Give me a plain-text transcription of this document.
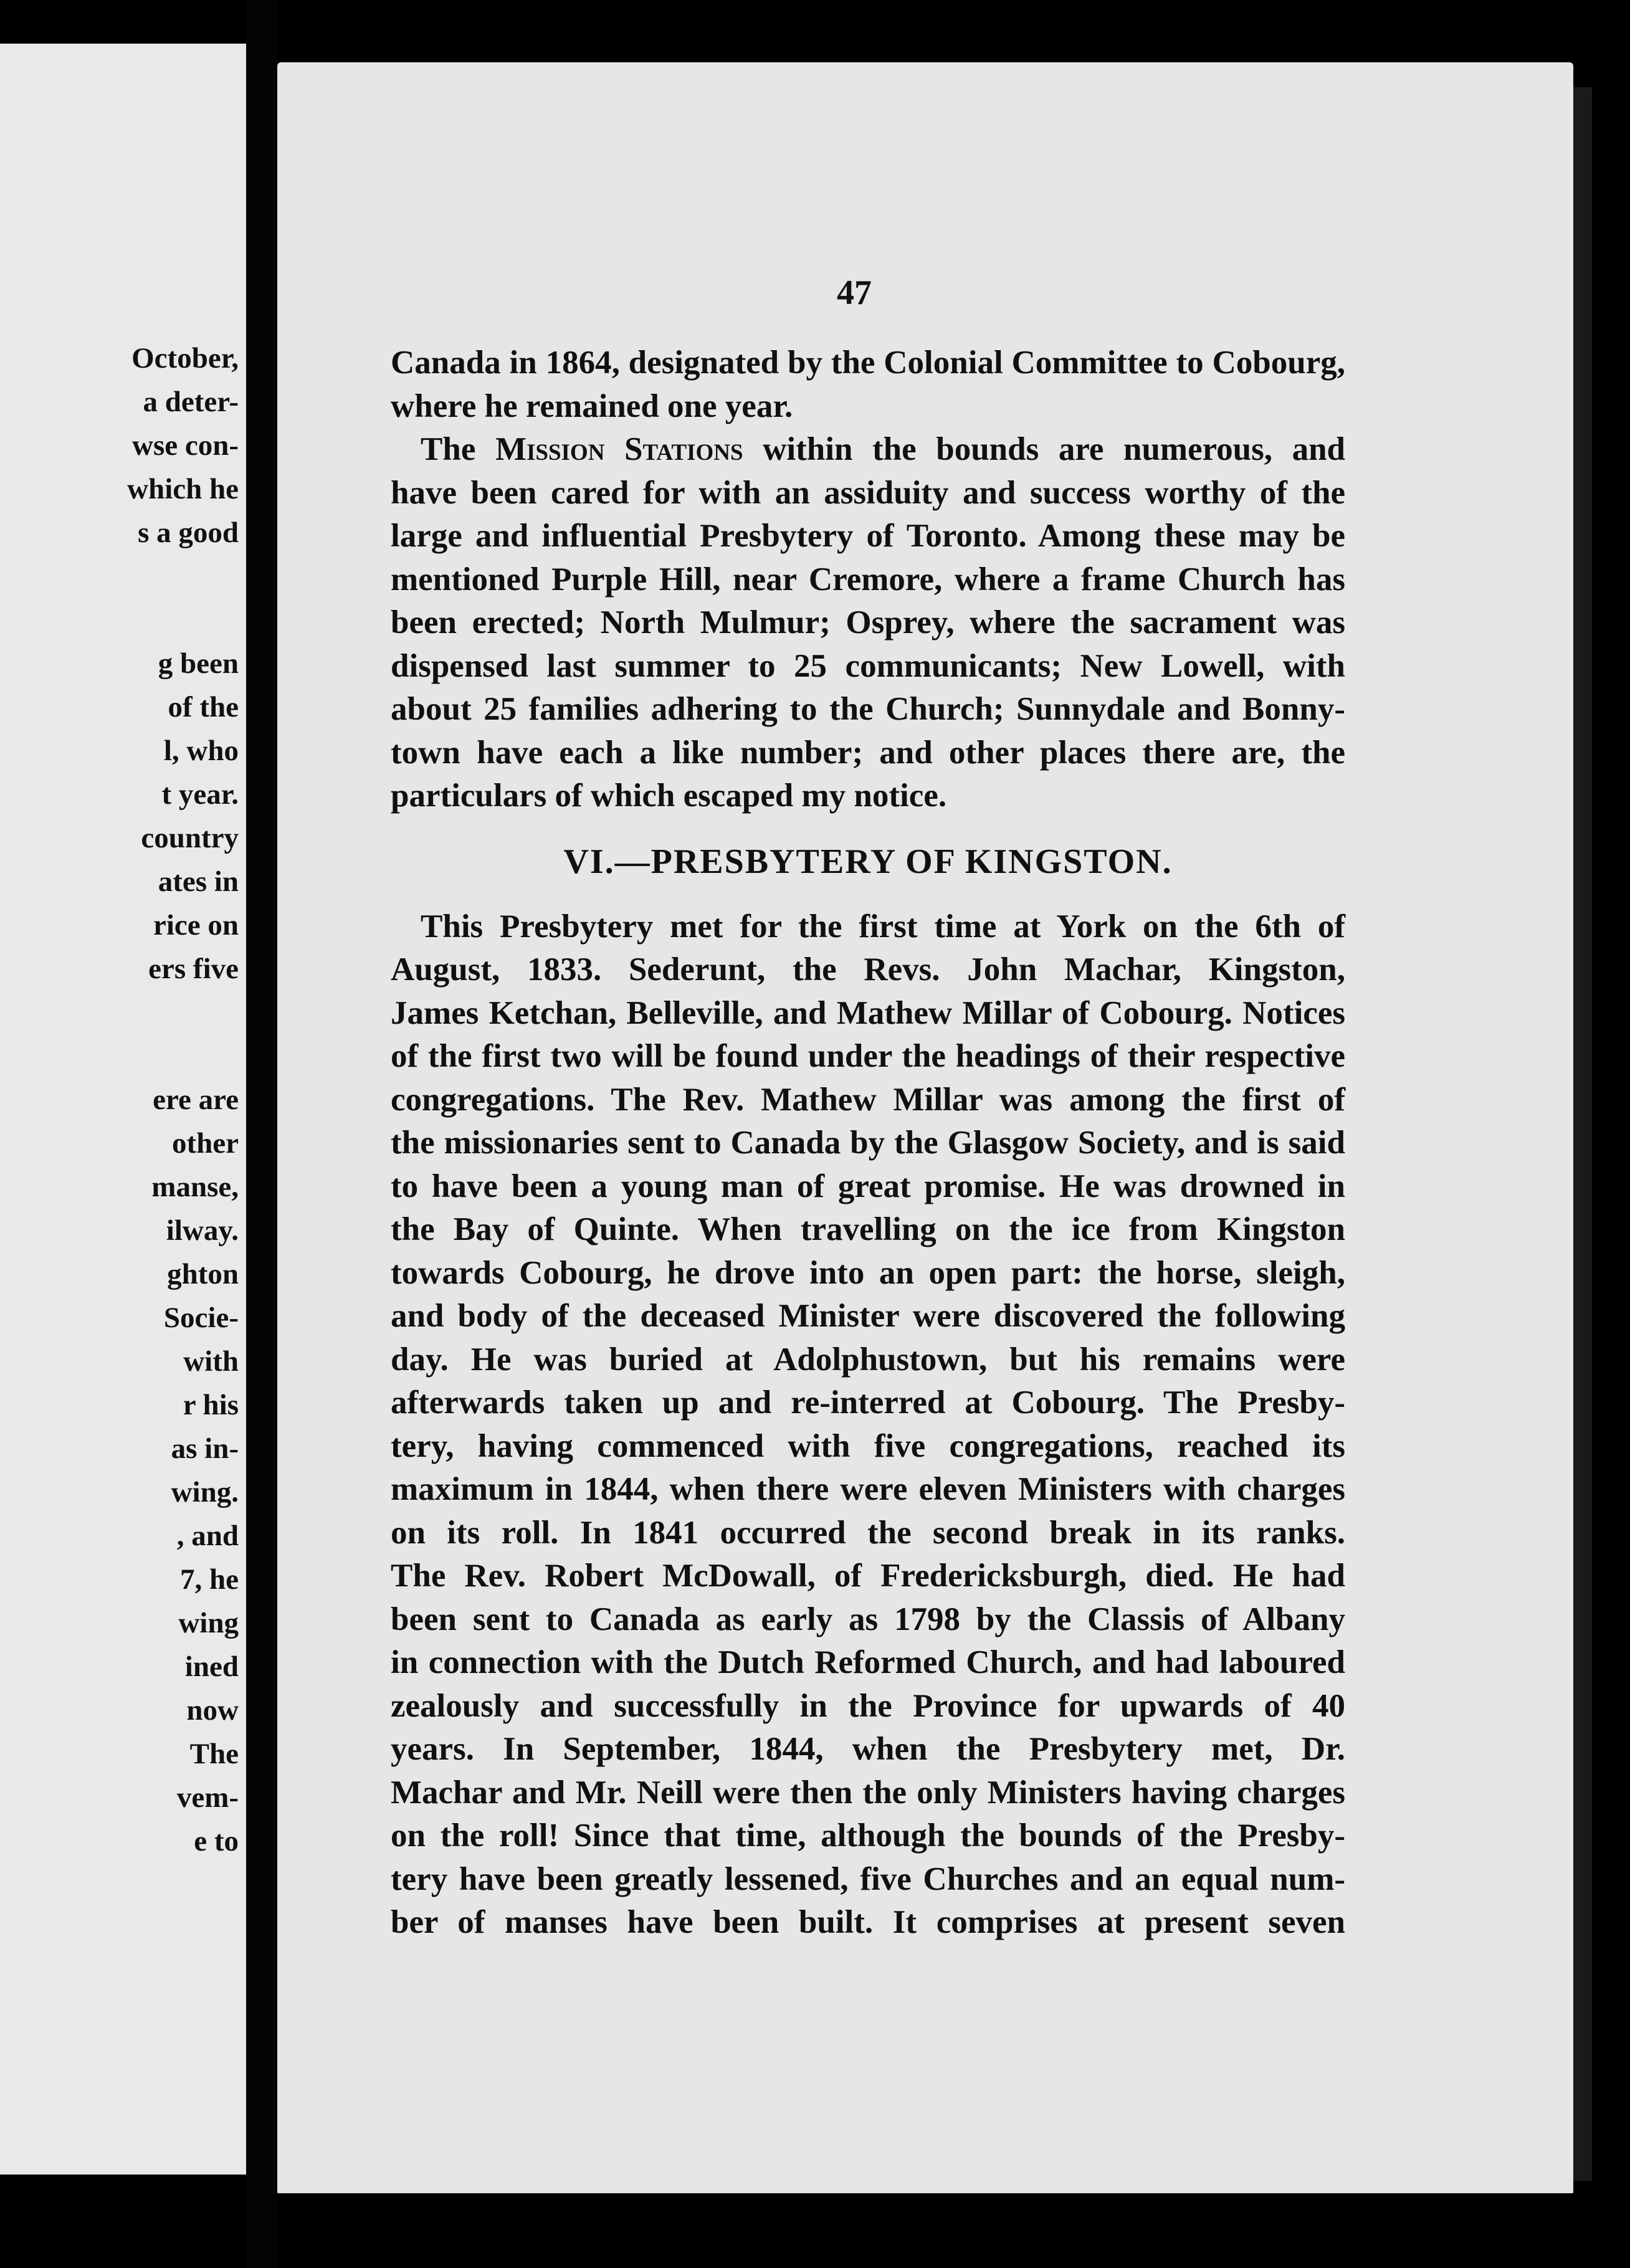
October,
a deter-
wse con-
which he
s a good
g been
of the
l, who
t year.
country
ates in
rice on
ers five
ere are
other
manse,
ilway.
ghton
Socie-
with
r his
as in-
wing.
, and
7, he
wing
ined
now
The
vem-
e to
47
Canada in 1864, designated by the Colonial Committee to Cobourg,
where he remained one year.
The Mission Stations within the bounds are numerous, and
have been cared for with an assiduity and success worthy of the
large and influential Presbytery of Toronto. Among these may be
mentioned Purple Hill, near Cremore, where a frame Church has
been erected; North Mulmur; Osprey, where the sacrament was
dispensed last summer to 25 communicants; New Lowell, with
about 25 families adhering to the Church; Sunnydale and Bonny-
town have each a like number; and other places there are, the
particulars of which escaped my notice.
VI.—PRESBYTERY OF KINGSTON.
This Presbytery met for the first time at York on the 6th of
August, 1833. Sederunt, the Revs. John Machar, Kingston,
James Ketchan, Belleville, and Mathew Millar of Cobourg. Notices
of the first two will be found under the headings of their respective
congregations. The Rev. Mathew Millar was among the first of
the missionaries sent to Canada by the Glasgow Society, and is said
to have been a young man of great promise. He was drowned in
the Bay of Quinte. When travelling on the ice from Kingston
towards Cobourg, he drove into an open part: the horse, sleigh,
and body of the deceased Minister were discovered the following
day. He was buried at Adolphustown, but his remains were
afterwards taken up and re-interred at Cobourg. The Presby-
tery, having commenced with five congregations, reached its
maximum in 1844, when there were eleven Ministers with charges
on its roll. In 1841 occurred the second break in its ranks.
The Rev. Robert McDowall, of Fredericksburgh, died. He had
been sent to Canada as early as 1798 by the Classis of Albany
in connection with the Dutch Reformed Church, and had laboured
zealously and successfully in the Province for upwards of 40
years. In September, 1844, when the Presbytery met, Dr.
Machar and Mr. Neill were then the only Ministers having charges
on the roll! Since that time, although the bounds of the Presby-
tery have been greatly lessened, five Churches and an equal num-
ber of manses have been built. It comprises at present seven
